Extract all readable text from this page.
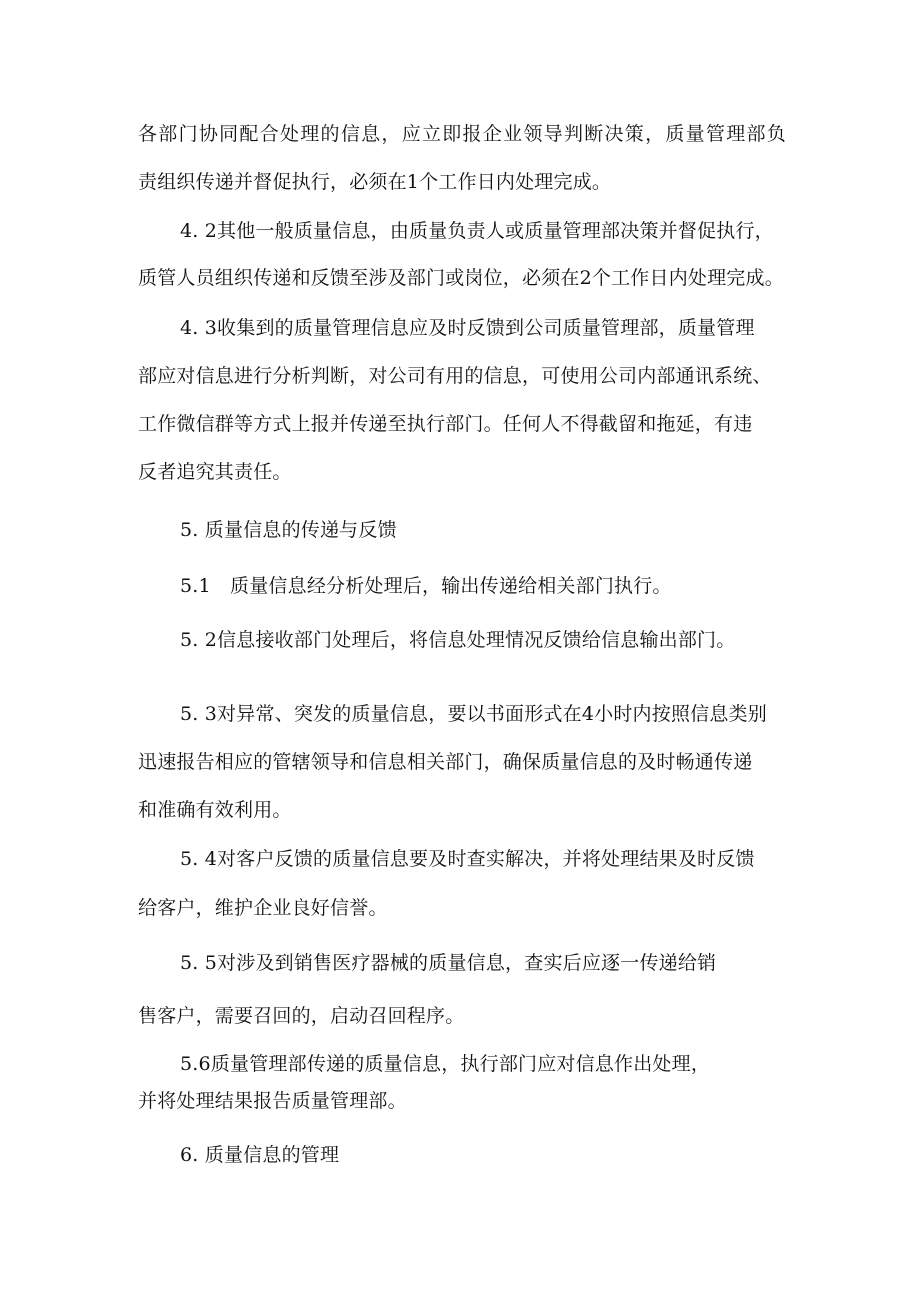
各部门协同配合处理的信息，应立即报企业领导判断决策，质量管理部负

责组织传递并督促执行，必须在1个工作日内处理完成。

4. 2其他一般质量信息，由质量负责人或质量管理部决策并督促执行，

质管人员组织传递和反馈至涉及部门或岗位，必须在2个工作日内处理完成。

4. 3收集到的质量管理信息应及时反馈到公司质量管理部，质量管理

部应对信息进行分析判断，对公司有用的信息，可使用公司内部通讯系统、

工作微信群等方式上报并传递至执行部门。任何人不得截留和拖延，有违

反者追究其责任。

5. 质量信息的传递与反馈

5.1　质量信息经分析处理后，输出传递给相关部门执行。

5. 2信息接收部门处理后，将信息处理情况反馈给信息输出部门。

5. 3对异常、突发的质量信息，要以书面形式在4小时内按照信息类别

迅速报告相应的管辖领导和信息相关部门，确保质量信息的及时畅通传递

和准确有效利用。

5. 4对客户反馈的质量信息要及时查实解决，并将处理结果及时反馈

给客户，维护企业良好信誉。

5. 5对涉及到销售医疗器械的质量信息，查实后应逐一传递给销

售客户，需要召回的，启动召回程序。

5.6质量管理部传递的质量信息，执行部门应对信息作出处理，

并将处理结果报告质量管理部。

6. 质量信息的管理
